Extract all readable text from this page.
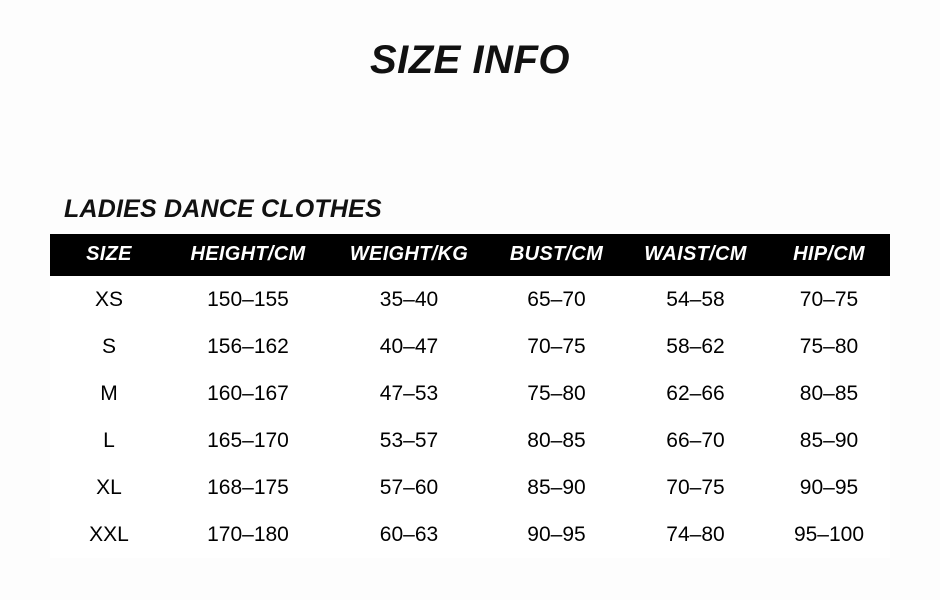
SIZE INFO
LADIES DANCE CLOTHES
SIZE	HEIGHT/CM	WEIGHT/KG	BUST/CM	WAIST/CM	HIP/CM
XS	150–155	35–40	65–70	54–58	70–75
S	156–162	40–47	70–75	58–62	75–80
M	160–167	47–53	75–80	62–66	80–85
L	165–170	53–57	80–85	66–70	85–90
XL	168–175	57–60	85–90	70–75	90–95
XXL	170–180	60–63	90–95	74–80	95–100
